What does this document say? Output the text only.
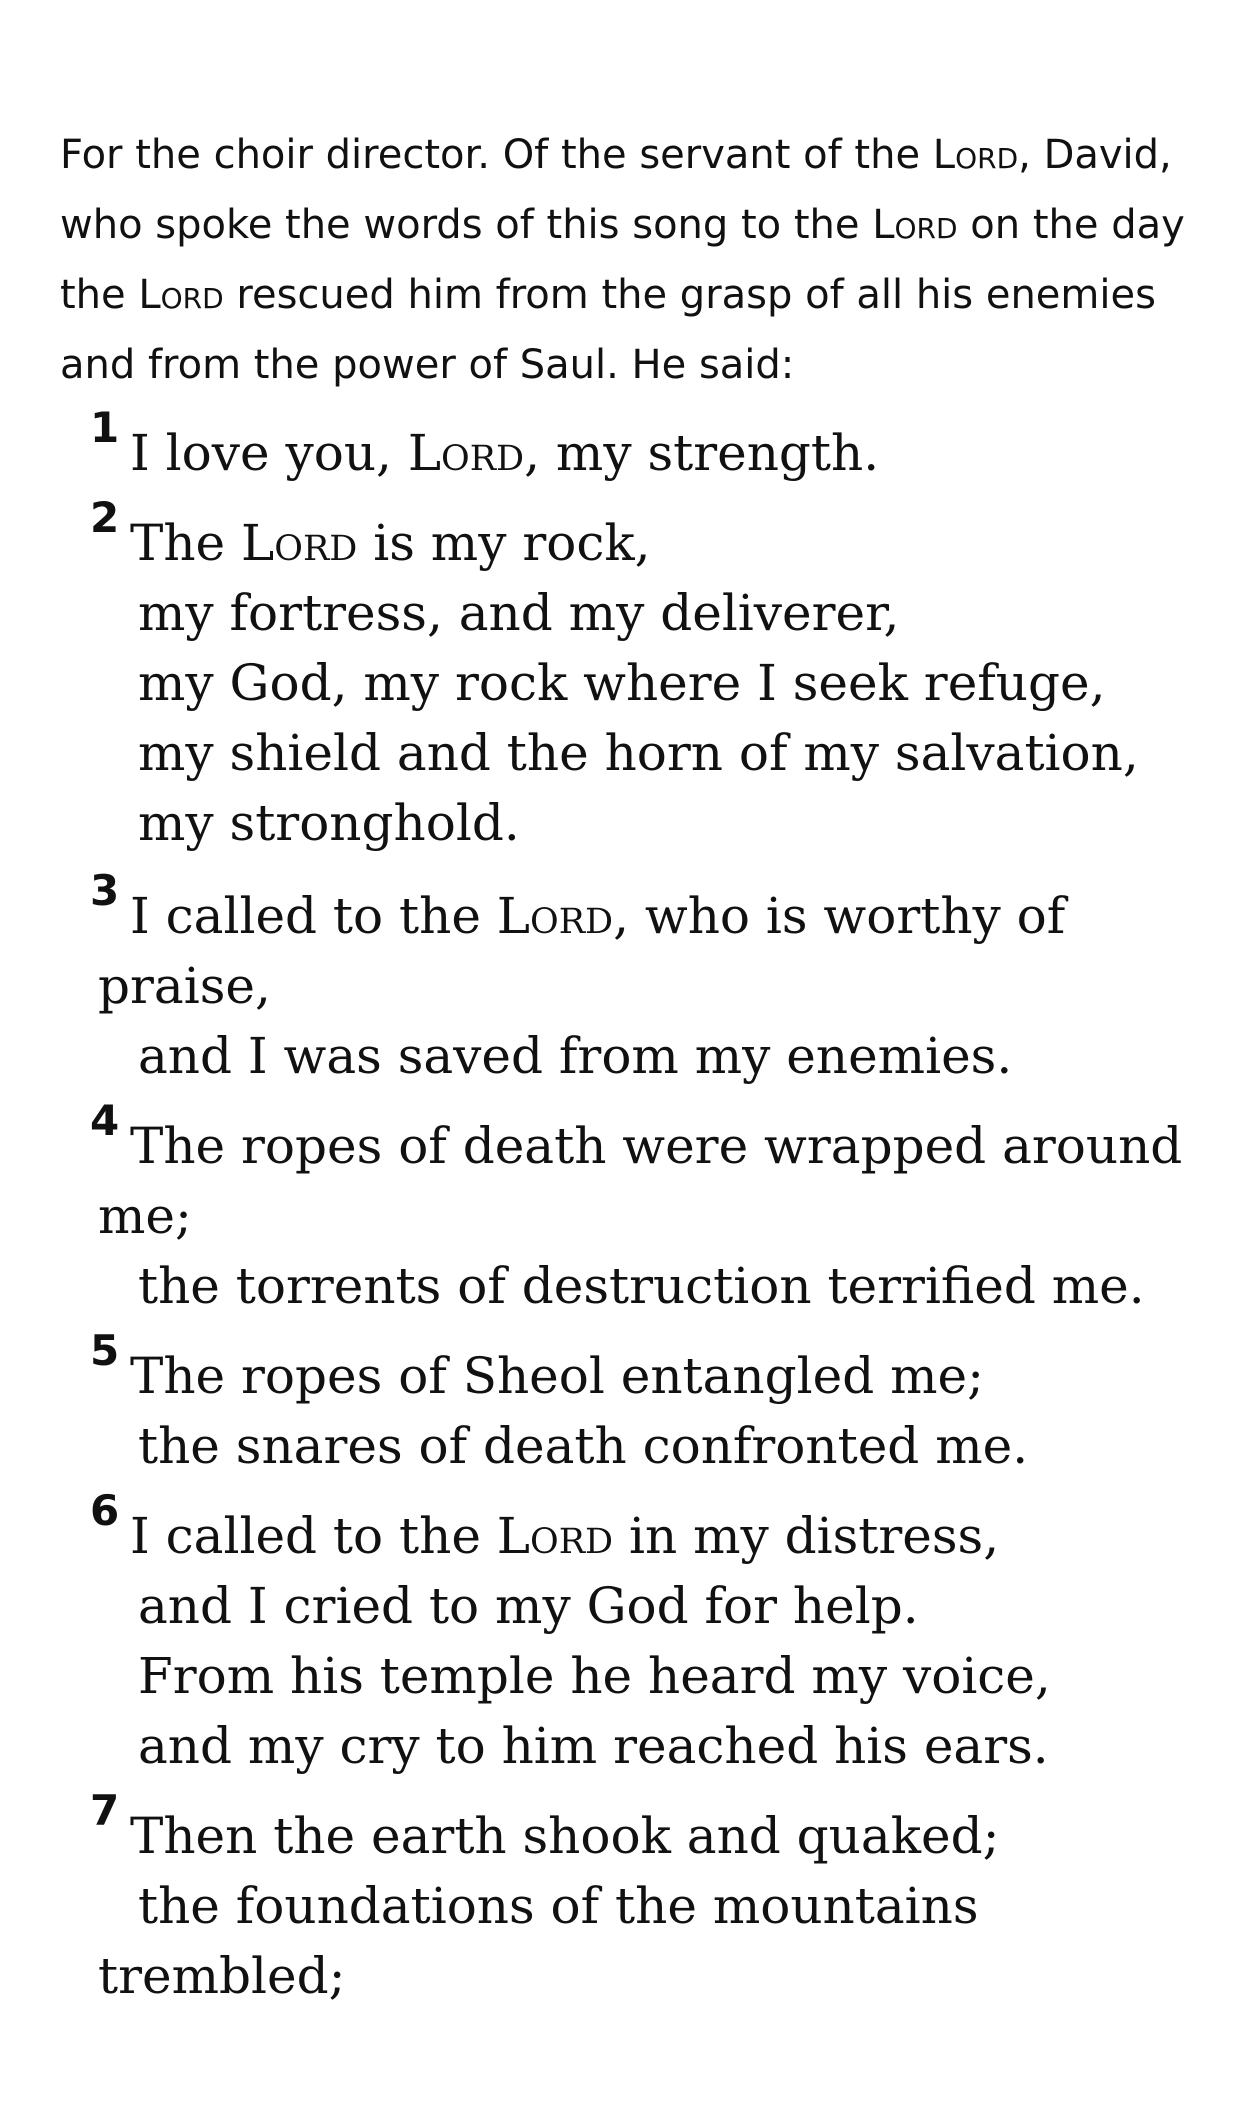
For the choir director. Of the servant of the Lord, David, who spoke the words of this song to the Lord on the day the Lord rescued him from the grasp of all his enemies and from the power of Saul. He said:

1 I love you, Lord, my strength.
2 The Lord is my rock,
my fortress, and my deliverer,
my God, my rock where I seek refuge,
my shield and the horn of my salvation,
my stronghold.
3 I called to the Lord, who is worthy of
praise,
and I was saved from my enemies.
4 The ropes of death were wrapped around
me;
the torrents of destruction terrified me.
5 The ropes of Sheol entangled me;
the snares of death confronted me.
6 I called to the Lord in my distress,
and I cried to my God for help.
From his temple he heard my voice,
and my cry to him reached his ears.
7 Then the earth shook and quaked;
the foundations of the mountains
trembled;
